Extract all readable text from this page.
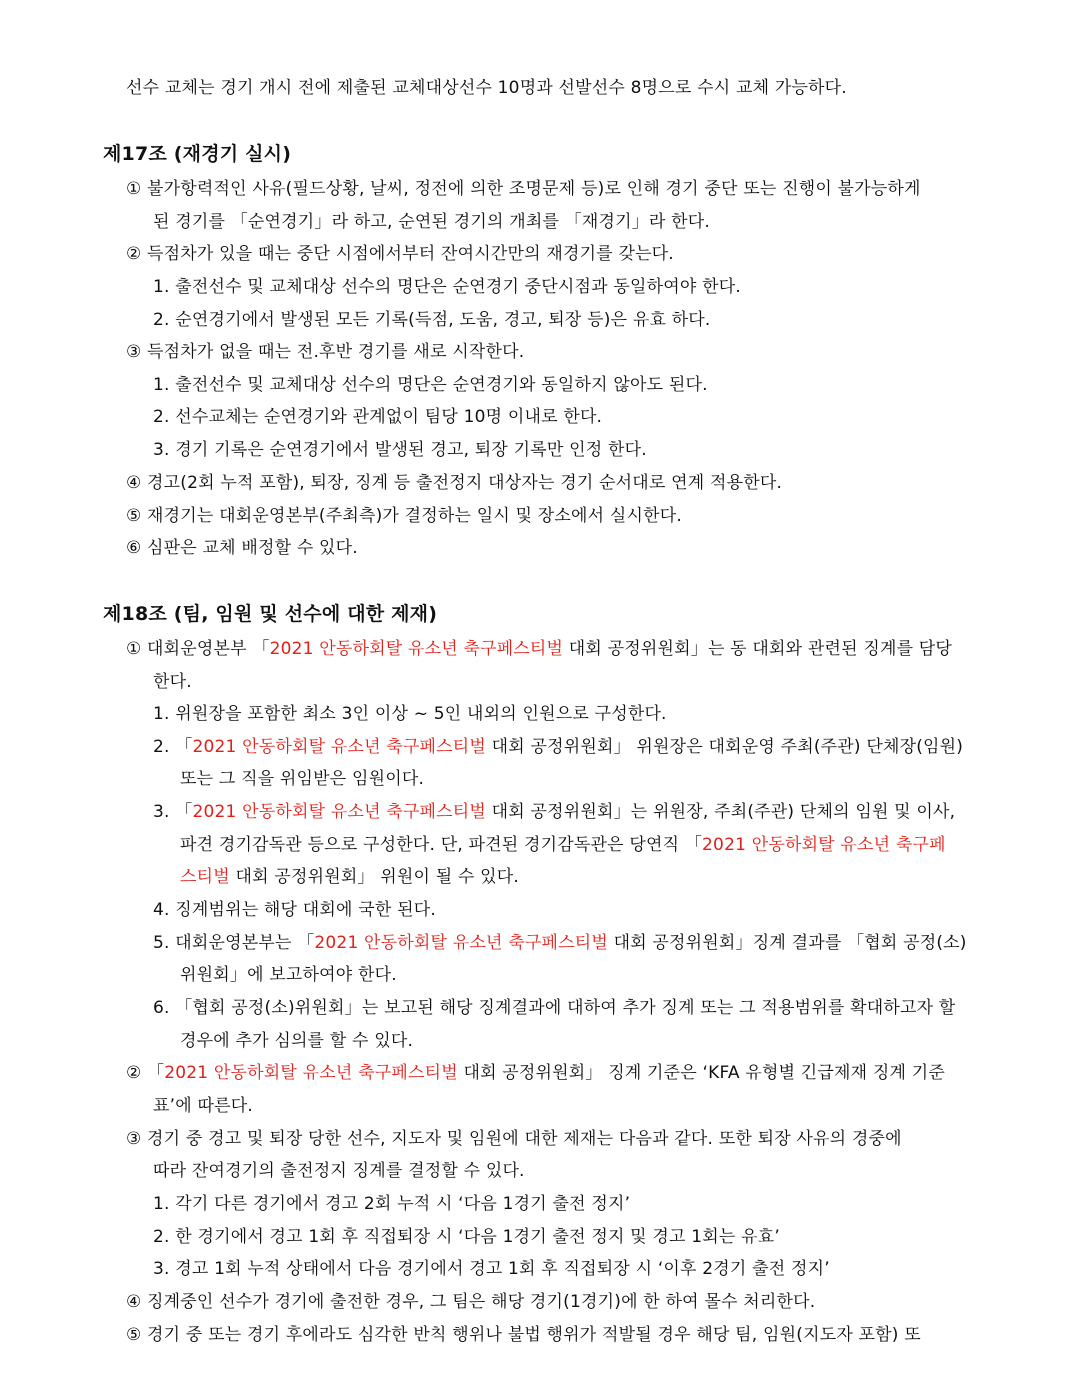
선수 교체는 경기 개시 전에 제출된 교체대상선수 10명과 선발선수 8명으로 수시 교체 가능하다.
제17조 (재경기 실시)
① 불가항력적인 사유(필드상황, 날씨, 정전에 의한 조명문제 등)로 인해 경기 중단 또는 진행이 불가능하게
된 경기를 「순연경기」라 하고, 순연된 경기의 개최를 「재경기」라 한다.
② 득점차가 있을 때는 중단 시점에서부터 잔여시간만의 재경기를 갖는다.
1. 출전선수 및 교체대상 선수의 명단은 순연경기 중단시점과 동일하여야 한다.
2. 순연경기에서 발생된 모든 기록(득점, 도움, 경고, 퇴장 등)은 유효 하다.
③ 득점차가 없을 때는 전.후반 경기를 새로 시작한다.
1. 출전선수 및 교체대상 선수의 명단은 순연경기와 동일하지 않아도 된다.
2. 선수교체는 순연경기와 관계없이 팀당 10명 이내로 한다.
3. 경기 기록은 순연경기에서 발생된 경고, 퇴장 기록만 인정 한다.
④ 경고(2회 누적 포함), 퇴장, 징계 등 출전정지 대상자는 경기 순서대로 연계 적용한다.
⑤ 재경기는 대회운영본부(주최측)가 결정하는 일시 및 장소에서 실시한다.
⑥ 심판은 교체 배정할 수 있다.
제18조 (팀, 임원 및 선수에 대한 제재)
① 대회운영본부 「2021 안동하회탈 유소년 축구페스티벌 대회 공정위원회」는 동 대회와 관련된 징계를 담당
한다.
1. 위원장을 포함한 최소 3인 이상 ~ 5인 내외의 인원으로 구성한다.
2. 「2021 안동하회탈 유소년 축구페스티벌 대회 공정위원회」 위원장은 대회운영 주최(주관) 단체장(임원)
또는 그 직을 위임받은 임원이다.
3. 「2021 안동하회탈 유소년 축구페스티벌 대회 공정위원회」는 위원장, 주최(주관) 단체의 임원 및 이사,
파견 경기감독관 등으로 구성한다. 단, 파견된 경기감독관은 당연직 「2021 안동하회탈 유소년 축구페
스티벌 대회 공정위원회」 위원이 될 수 있다.
4. 징계범위는 해당 대회에 국한 된다.
5. 대회운영본부는 「2021 안동하회탈 유소년 축구페스티벌 대회 공정위원회」징계 결과를 「협회 공정(소)
위원회」에 보고하여야 한다.
6. 「협회 공정(소)위원회」는 보고된 해당 징계결과에 대하여 추가 징계 또는 그 적용범위를 확대하고자 할
경우에 추가 심의를 할 수 있다.
② 「2021 안동하회탈 유소년 축구페스티벌 대회 공정위원회」 징계 기준은 ‘KFA 유형별 긴급제재 징계 기준
표’에 따른다.
③ 경기 중 경고 및 퇴장 당한 선수, 지도자 및 임원에 대한 제재는 다음과 같다. 또한 퇴장 사유의 경중에
따라 잔여경기의 출전정지 징계를 결정할 수 있다.
1. 각기 다른 경기에서 경고 2회 누적 시 ‘다음 1경기 출전 정지’
2. 한 경기에서 경고 1회 후 직접퇴장 시 ‘다음 1경기 출전 정지 및 경고 1회는 유효’
3. 경고 1회 누적 상태에서 다음 경기에서 경고 1회 후 직접퇴장 시 ‘이후 2경기 출전 정지’
④ 징계중인 선수가 경기에 출전한 경우, 그 팀은 해당 경기(1경기)에 한 하여 몰수 처리한다.
⑤ 경기 중 또는 경기 후에라도 심각한 반칙 행위나 불법 행위가 적발될 경우 해당 팀, 임원(지도자 포함) 또
